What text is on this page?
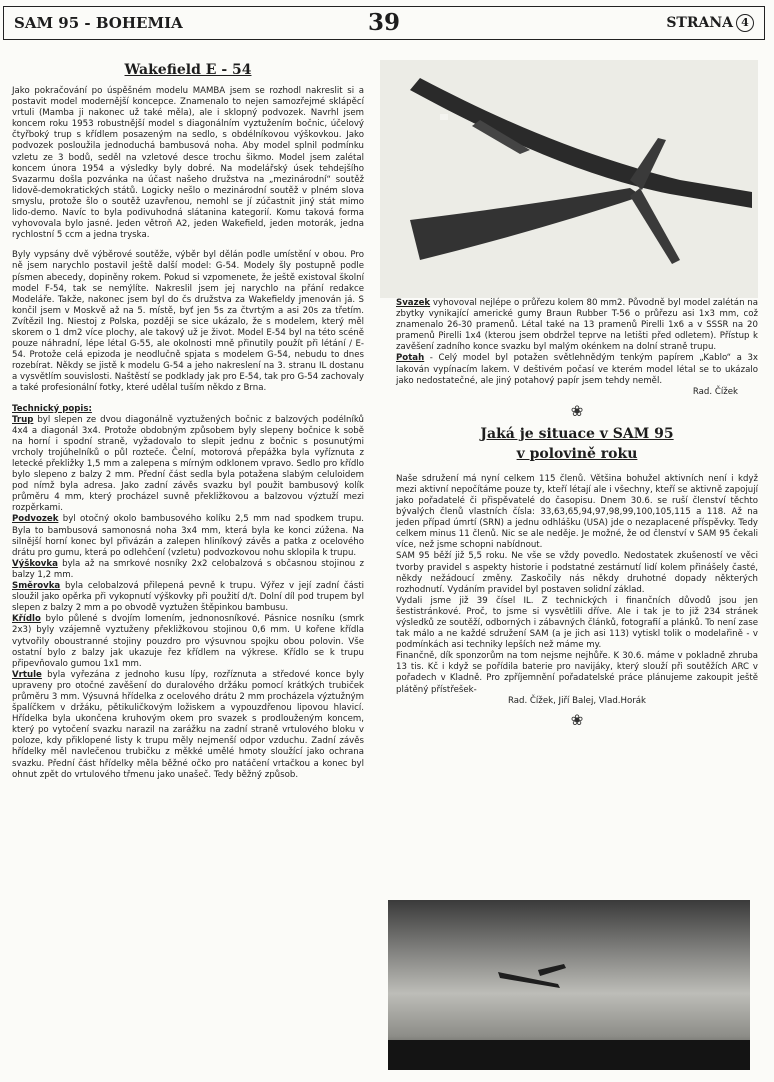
SAM 95 - BOHEMIA	39	STRANA 4
Wakefield E - 54

Jako pokračování po úspěšném modelu MAMBA jsem se rozhodl nakreslit si a postavit model modernější koncepce. Znamenalo to nejen samozřejmé sklápěcí vrtuli (Mamba ji nakonec už také měla), ale i sklopný podvozek. Navrhl jsem koncem roku 1953 robustnější model s diagonálním vyztužením bočnic, účelový čtyřboký trup s křídlem posazeným na sedlo, s obdélníkovou výškovkou. Jako podvozek posloužila jednoduchá bambusová noha. Aby model splnil podmínku vzletu ze 3 bodů, seděl na vzletové desce trochu šikmo. Model jsem zalétal koncem února 1954 a výsledky byly dobré. Na modelářský úsek tehdejšího Svazarmu došla pozvánka na účast našeho družstva na „mezinárodní“ soutěž lidově-demokratických států. Logicky nešlo o mezinárodní soutěž v plném slova smyslu, protože šlo o soutěž uzavřenou, nemohl se jí zúčastnit jiný stát mimo lido-demo. Navíc to byla podivuhodná slátanina kategorií. Komu taková forma vyhovovala bylo jasné. Jeden větroň A2, jeden Wakefield, jeden motorák, jedna rychlostní 5 ccm a jedna tryska.

Byly vypsány dvě výběrové soutěže, výběr byl dělán podle umístění v obou. Pro ně jsem narychlo postavil ještě další model: G-54. Modely šly postupně podle písmen abecedy, dopiněny rokem. Pokud si vzpomenete, že ještě existoval školní model F-54, tak se nemýlíte. Nakreslil jsem jej narychlo na přání redakce Modeláře. Takže, nakonec jsem byl do čs družstva za Wakefieldy jmenován já. S končil jsem v Moskvě až na 5. místě, byť jen 5s za čtvrtým a asi 20s za třetím. Zvítězil Ing. Niestoj z Polska, později se sice ukázalo, že s modelem, který měl skorem o 1 dm2 více plochy, ale takový už je život. Model E-54 byl na této scéně pouze náhradní, lépe létal G-55, ale okolnosti mně přinutily použít při létání / E-54. Protože celá epizoda je neodlučně spjata s modelem G-54, nebudu to dnes rozebírat. Někdy se jistě k modelu G-54 a jeho nakreslení na 3. stranu IL dostanu a vysvětlím souvislosti. Naštěstí se podklady jak pro E-54, tak pro G-54 zachovaly a také profesionální fotky, které udělal tuším někdo z Brna.

Technický popis:

Trup byl slepen ze dvou diagonálně vyztužených bočnic z balzových podélníků 4x4 a diagonál 3x4. Protože obdobným způsobem byly slepeny bočnice k sobě na horní i spodní straně, vyžadovalo to slepit jednu z bočnic s posunutými vrcholy trojúhelníků o půl rozteče. Čelní, motorová přepážka byla vyříznuta z letecké překližky 1,5 mm a zalepena s mírným odklonem vpravo. Sedlo pro křídlo bylo slepeno z balzy 2 mm. Přední část sedla byla potažena slabým celuloidem pod nímž byla adresa. Jako zadní závěs svazku byl použit bambusový kolík průměru 4 mm, který procházel suvně překližkovou a balzovou výztuží mezi rozpěrkami.

Podvozek byl otočný okolo bambusového kolíku 2,5 mm nad spodkem trupu. Byla to bambusová samonosná noha 3x4 mm, která byla ke konci zúžena. Na silnější horní konec byl přivázán a zalepen hliníkový závěs a patka z ocelového drátu pro gumu, která po odlehčení (vzletu) podvozkovou nohu sklopila k trupu.

Výškovka byla až na smrkové nosníky 2x2 celobalzová s občasnou stojinou z balzy 1,2 mm.

Směrovka byla celobalzová přilepená pevně k trupu. Výřez v její zadní části sloužil jako opěrka při vykopnutí výškovky při použití d/t. Dolní díl pod trupem byl slepen z balzy 2 mm a po obvodě vyztužen štěpinkou bambusu.

Křídlo bylo půlené s dvojím lomením, jednonosníkové. Pásnice nosníku (smrk 2x3) byly vzájemně vyztuženy překližkovou stojinou 0,6 mm. U kořene křídla vytvořily oboustranné stojiny pouzdro pro výsuvnou spojku obou polovin. Vše ostatní bylo z balzy jak ukazuje řez křídlem na výkrese. Křídlo se k trupu připevňovalo gumou 1x1 mm.

Vrtule byla vyřezána z jednoho kusu lípy, rozříznuta a středové konce byly upraveny pro otočné zavěšení do duralového držáku pomocí krátkých trubiček průměru 3 mm. Výsuvná hřídelka z ocelového drátu 2 mm procházela výztužným špalíčkem v držáku, pětikuličkovým ložiskem a vypouzdřenou lipovou hlavicí. Hřídelka byla ukončena kruhovým okem pro svazek s prodlouženým koncem, který po vytočení svazku narazil na zarážku na zadní straně vrtulového bloku v poloze, kdy přiklopené listy k trupu měly nejmenší odpor vzduchu. Zadní závěs hřídelky měl navlečenou trubičku z měkké umělé hmoty sloužící jako ochrana svazku. Přední část hřídelky měla běžné očko pro natáčení vrtačkou a konec byl ohnut zpět do vrtulového třmenu jako unašeč. Tedy běžný způsob.

Svazek vyhovoval nejlépe o průřezu kolem 80 mm2. Původně byl model zalétán na zbytky vynikající americké gumy Braun Rubber T-56 o průřezu asi 1x3 mm, což znamenalo 26-30 pramenů. Létal také na 13 pramenů Pirelli 1x6 a v SSSR na 20 pramenů Pirelli 1x4 (kterou jsem obdržel teprve na letišti před odletem). Přístup k zavěšení zadního konce svazku byl malým okénkem na dolní straně trupu.

Potah - Celý model byl potažen světlehnědým tenkým papírem „Kablo“ a 3x lakován vypínacím lakem. V deštivém počasí ve kterém model létal se to ukázalo jako nedostatečné, ale jiný potahový papír jsem tehdy neměl.

Rad. Čížek

❀
Jaká je situace v SAM 95
v polovině roku

Naše sdružení má nyní celkem 115 členů. Většina bohužel aktivních není i když mezi aktivní nepočítáme pouze ty, kteří létají ale i všechny, kteří se aktivně zapojují jako pořadatelé či přispěvatelé do časopisu. Dnem 30.6. se ruší členství těchto bývalých členů vlastních čísla: 33,63,65,94,97,98,99,100,105,115 a 118. Až na jeden případ úmrtí (SRN) a jednu odhlášku (USA) jde o nezaplacené příspěvky. Tedy celkem minus 11 členů. Nic se ale neděje. Je možné, že od členství v SAM 95 čekali více, než jsme schopni nabídnout.

SAM 95 běží již 5,5 roku. Ne vše se vždy povedlo. Nedostatek zkušeností ve věci tvorby pravidel s aspekty historie i podstatné zestárnutí lidí kolem přinášely časté, někdy nežádoucí změny. Zaskočily nás někdy druhotné dopady některých rozhodnutí. Vydáním pravidel byl postaven solidní základ.

Vydali jsme již 39 čísel IL. Z technických i finančních důvodů jsou jen šestistránkové. Proč, to jsme si vysvětlili dříve. Ale i tak je to již 234 stránek výsledků ze soutěží, odborných i zábavných článků, fotografií a plánků. To není zase tak málo a ne každé sdružení SAM (a je jich asi 113) vytiskl tolik o modelařině - v podmínkách asi techniky lepších než máme my.

Finančně, dík sponzorům na tom nejsme nejhůře. K 30.6. máme v pokladně zhruba 13 tis. Kč i když se pořídila baterie pro navijáky, který slouží při soutěžích ARC v pořadech v Kladně. Pro zpříjemnění pořadatelské práce plánujeme zakoupit ještě plátěný přístřešek-

Rad. Čížek, Jiří Balej, Vlad.Horák

❀
